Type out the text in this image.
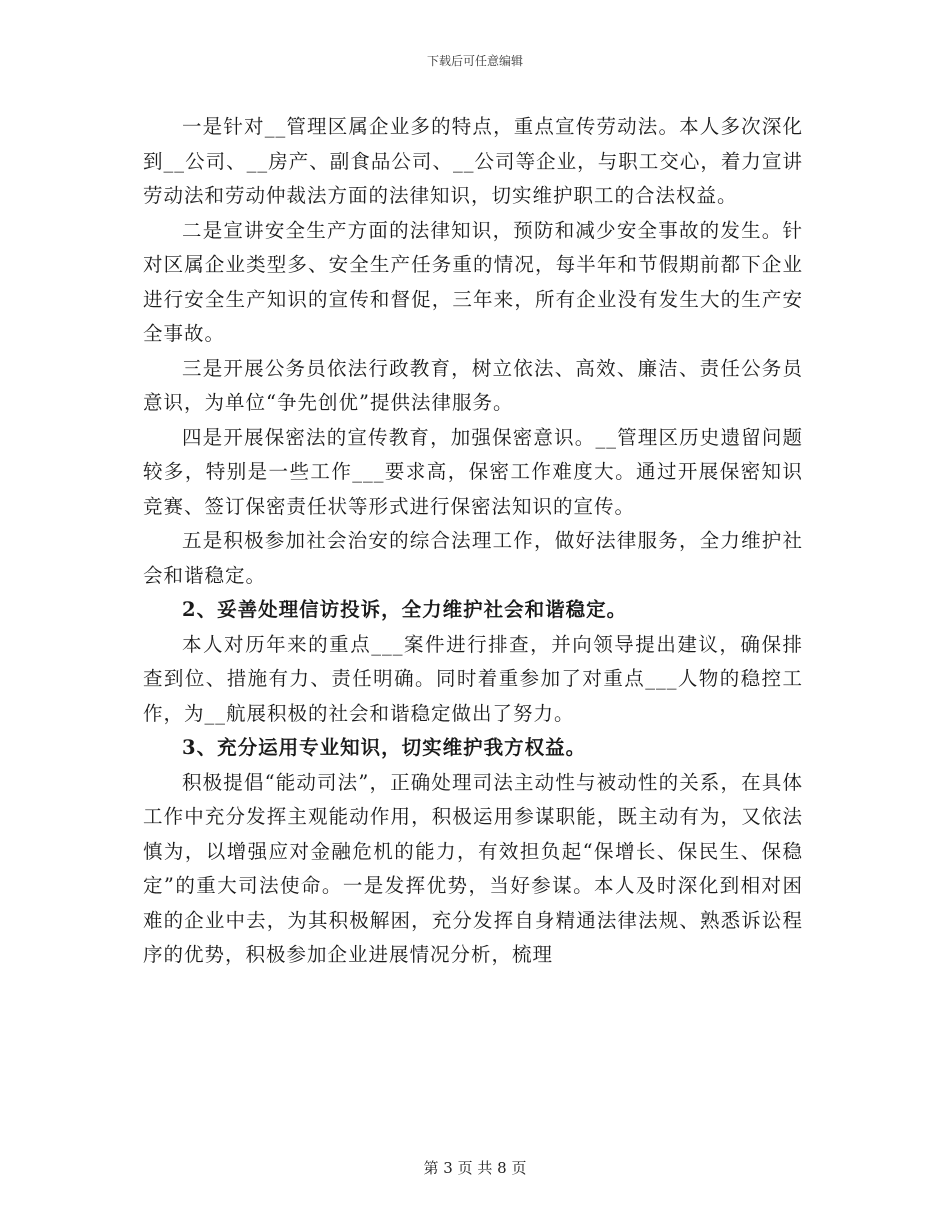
下载后可任意编辑

一是针对__管理区属企业多的特点，重点宣传劳动法。本人多次深化到__公司、__房产、副食品公司、__公司等企业，与职工交心，着力宣讲劳动法和劳动仲裁法方面的法律知识，切实维护职工的合法权益。

二是宣讲安全生产方面的法律知识，预防和减少安全事故的发生。针对区属企业类型多、安全生产任务重的情况，每半年和节假期前都下企业进行安全生产知识的宣传和督促，三年来，所有企业没有发生大的生产安全事故。

三是开展公务员依法行政教育，树立依法、高效、廉洁、责任公务员意识，为单位“争先创优”提供法律服务。

四是开展保密法的宣传教育，加强保密意识。__管理区历史遗留问题较多，特别是一些工作___要求高，保密工作难度大。通过开展保密知识竞赛、签订保密责任状等形式进行保密法知识的宣传。

五是积极参加社会治安的综合法理工作，做好法律服务，全力维护社会和谐稳定。

2、妥善处理信访投诉，全力维护社会和谐稳定。

本人对历年来的重点___案件进行排查，并向领导提出建议，确保排查到位、措施有力、责任明确。同时着重参加了对重点___人物的稳控工作，为__航展积极的社会和谐稳定做出了努力。

3、充分运用专业知识，切实维护我方权益。

积极提倡“能动司法”，正确处理司法主动性与被动性的关系，在具体工作中充分发挥主观能动作用，积极运用参谋职能，既主动有为，又依法慎为，以增强应对金融危机的能力，有效担负起“保增长、保民生、保稳定”的重大司法使命。一是发挥优势，当好参谋。本人及时深化到相对困难的企业中去，为其积极解困，充分发挥自身精通法律法规、熟悉诉讼程序的优势，积极参加企业进展情况分析，梳理

第 3 页 共 8 页
